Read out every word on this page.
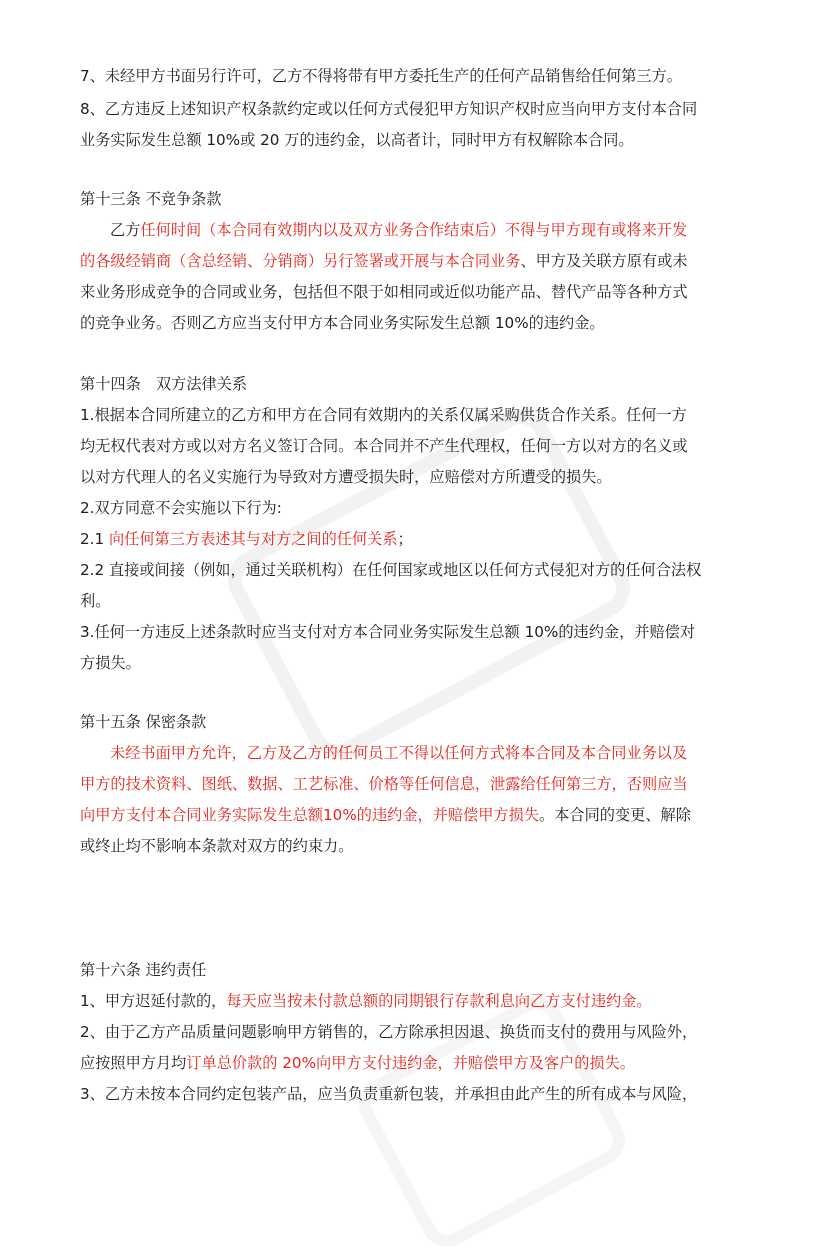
7、未经甲方书面另行许可，乙方不得将带有甲方委托生产的任何产品销售给任何第三方。
8、乙方违反上述知识产权条款约定或以任何方式侵犯甲方知识产权时应当向甲方支付本合同
业务实际发生总额 10%或 20 万的违约金，以高者计，同时甲方有权解除本合同。
第十三条 不竞争条款
乙方任何时间（本合同有效期内以及双方业务合作结束后）不得与甲方现有或将来开发
的各级经销商（含总经销、分销商）另行签署或开展与本合同业务、甲方及关联方原有或未
来业务形成竞争的合同或业务，包括但不限于如相同或近似功能产品、替代产品等各种方式
的竞争业务。否则乙方应当支付甲方本合同业务实际发生总额 10%的违约金。
第十四条　双方法律关系
1.根据本合同所建立的乙方和甲方在合同有效期内的关系仅属采购供货合作关系。任何一方
均无权代表对方或以对方名义签订合同。本合同并不产生代理权，任何一方以对方的名义或
以对方代理人的名义实施行为导致对方遭受损失时，应赔偿对方所遭受的损失。
2.双方同意不会实施以下行为:
2.1 向任何第三方表述其与对方之间的任何关系；
2.2 直接或间接（例如，通过关联机构）在任何国家或地区以任何方式侵犯对方的任何合法权
利。
3.任何一方违反上述条款时应当支付对方本合同业务实际发生总额 10%的违约金，并赔偿对
方损失。
第十五条 保密条款
未经书面甲方允许，乙方及乙方的任何员工不得以任何方式将本合同及本合同业务以及
甲方的技术资料、图纸、数据、工艺标准、价格等任何信息，泄露给任何第三方，否则应当
向甲方支付本合同业务实际发生总额10%的违约金，并赔偿甲方损失。本合同的变更、解除
或终止均不影响本条款对双方的约束力。
第十六条 违约责任
1、甲方迟延付款的，每天应当按未付款总额的同期银行存款利息向乙方支付违约金。
2、由于乙方产品质量问题影响甲方销售的，乙方除承担因退、换货而支付的费用与风险外，
应按照甲方月均订单总价款的 20%向甲方支付违约金，并赔偿甲方及客户的损失。
3、乙方未按本合同约定包装产品，应当负责重新包装，并承担由此产生的所有成本与风险，
